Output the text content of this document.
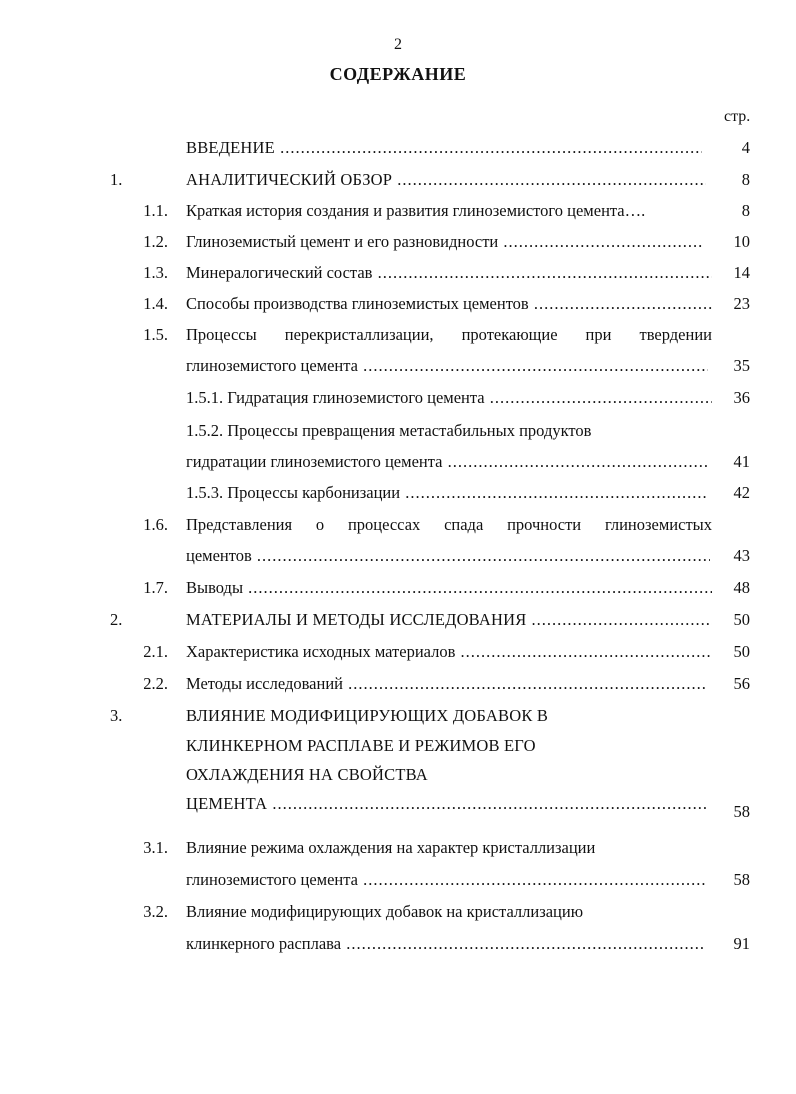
2
СОДЕРЖАНИЕ
стр.
ВВЕДЕНИЕ .....	4
1.	АНАЛИТИЧЕСКИЙ ОБЗОР .....	8
1.1. Краткая история создания и развития глиноземистого цемента….	8
1.2. Глиноземистый цемент и его разновидности .....	10
1.3. Минералогический состав .....	14
1.4. Способы производства глиноземистых цементов .....	23
1.5. Процессы перекристаллизации, протекающие при твердении
глиноземистого цемента .....	35
1.5.1. Гидратация глиноземистого цемента .....	36
1.5.2. Процессы превращения метастабильных продуктов
гидратации глиноземистого цемента .....	41
1.5.3. Процессы карбонизации .....	42
1.6. Представления о процессах спада прочности глиноземистых
цементов .....	43
1.7. Выводы .....	48
2.	МАТЕРИАЛЫ И МЕТОДЫ ИССЛЕДОВАНИЯ .....	50
2.1. Характеристика исходных материалов .....	50
2.2. Методы исследований .....	56
3.	ВЛИЯНИЕ МОДИФИЦИРУЮЩИХ ДОБАВОК В
КЛИНКЕРНОМ РАСПЛАВЕ И РЕЖИМОВ ЕГО
ОХЛАЖДЕНИЯ НА СВОЙСТВА
ЦЕМЕНТА .....	58
3.1. Влияние режима охлаждения на характер кристаллизации
глиноземистого цемента .....	58
3.2. Влияние модифицирующих добавок на кристаллизацию
клинкерного расплава .....	91
